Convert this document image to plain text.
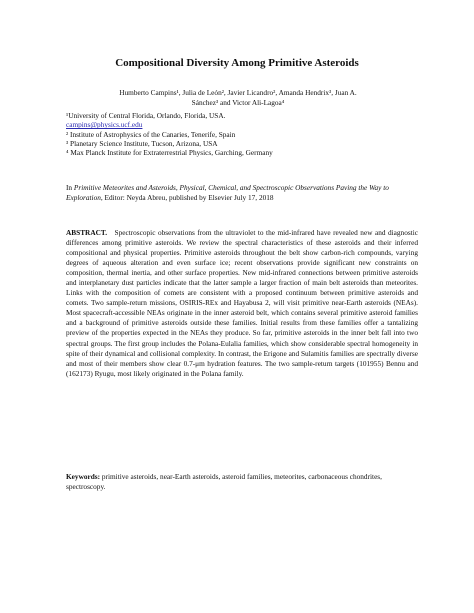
Compositional Diversity Among Primitive Asteroids
Humberto Campins¹, Julia de León², Javier Licandro², Amanda Hendrix³, Juan A.
Sánchez³ and Victor Ali-Lagoa⁴
¹University of Central Florida, Orlando, Florida, USA.
campins@physics.ucf.edu
² Institute of Astrophysics of the Canaries, Tenerife, Spain
³ Planetary Science Institute, Tucson, Arizona, USA
⁴ Max Planck Institute for Extraterrestrial Physics, Garching, Germany
In Primitive Meteorites and Asteroids, Physical, Chemical, and Spectroscopic Observations Paving the Way to Exploration, Editor: Neyda Abreu, published by Elsevier July 17, 2018
ABSTRACT. Spectroscopic observations from the ultraviolet to the mid-infrared have revealed new and diagnostic differences among primitive asteroids. We review the spectral characteristics of these asteroids and their inferred compositional and physical properties. Primitive asteroids throughout the belt show carbon-rich compounds, varying degrees of aqueous alteration and even surface ice; recent observations provide significant new constraints on composition, thermal inertia, and other surface properties. New mid-infrared connections between primitive asteroids and interplanetary dust particles indicate that the latter sample a larger fraction of main belt asteroids than meteorites. Links with the composition of comets are consistent with a proposed continuum between primitive asteroids and comets. Two sample-return missions, OSIRIS-REx and Hayabusa 2, will visit primitive near-Earth asteroids (NEAs). Most spacecraft-accessible NEAs originate in the inner asteroid belt, which contains several primitive asteroid families and a background of primitive asteroids outside these families. Initial results from these families offer a tantalizing preview of the properties expected in the NEAs they produce. So far, primitive asteroids in the inner belt fall into two spectral groups. The first group includes the Polana-Eulalia families, which show considerable spectral homogeneity in spite of their dynamical and collisional complexity. In contrast, the Erigone and Sulamitis families are spectrally diverse and most of their members show clear 0.7-μm hydration features. The two sample-return targets (101955) Bennu and (162173) Ryugu, most likely originated in the Polana family.
Keywords: primitive asteroids, near-Earth asteroids, asteroid families, meteorites, carbonaceous chondrites, spectroscopy.
